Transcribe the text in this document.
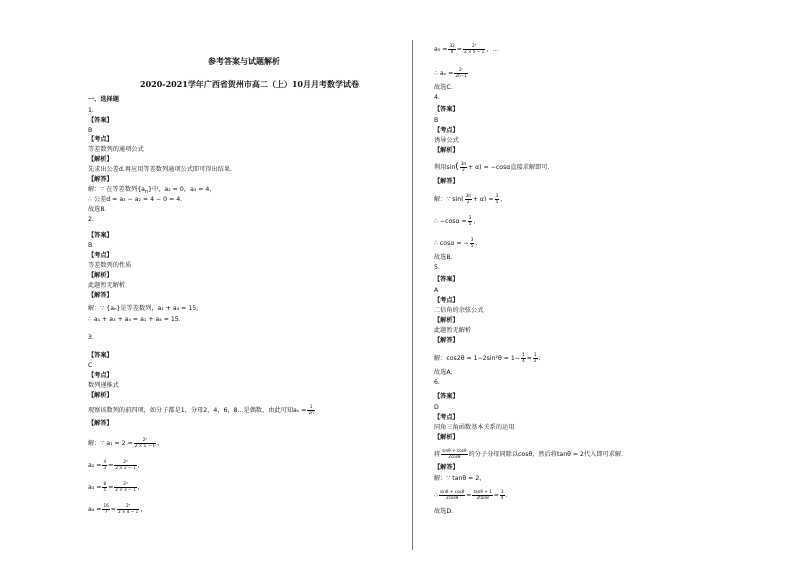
参考答案与试题解析
2020-2021学年广西省贺州市高二（上）10月月考数学试卷
一、选择题
1.
【答案】
B
【考点】
等差数列的通项公式
【解析】
先求出公差d,再应用等差数列通项公式即可得出结果.
【解答】
解：∵ 在等差数列$\{a_n\}$中，a₂ = 0，a₃ = 4，
∴ 公差d = a₃ − a₂ = 4 − 0 = 4.
故选B．
2.
【答案】
B
【考点】
等差数列的性质
【解析】
此题暂无解析
【解答】
解：∵ {aₙ}是等差数列，a₁ + a₄ = 15，
∴ a₁ + a₃ + a₄ = a₁ + a₄ = 15．
3.
【答案】
C
【考点】
数列递推式
【解析】
观察该数列的前四项，如分子都是1，分母2，4，6，8...是偶数，由此可知$a_n = \frac{1}{2n}$
【解答】
解：∵ $a_1 = 2 = \frac{\text{2²}}{2 \times 1 - 1}$ ，
$a_2 = \frac{4}{3} = \frac{\text{2³}}{2 \times 2 - 1}$ ，
$a_3 = \frac{8}{5} = \frac{\text{2⁴}}{2 \times 3 - 1}$ ，
$a_4 = \frac{16}{7} = \frac{\text{2⁵}}{2 \times 4 - 1}$ ，
$a_5 = \frac{32}{9} = \frac{\text{2⁶}}{2 \times 5 - 1}$ ，...
∴ $a_n = \frac{\text{2ⁿ}}{2n-1}$
故选C．
4.
【答案】
B
【考点】
诱导公式
【解析】
利用$\sin( \frac{3\pi}{2} + \alpha) = -\cos\alpha$直接求解即可.
【解答】
解：∵ $\sin( \frac{3\pi}{2} + \alpha) = \frac{3}{5}$ ，
∴ $-\cos\alpha = \frac{3}{5}$ ，
∴ cosα = − $\frac{3}{5}$ .
故选B．
5.
【答案】
A
【考点】
二倍角的余弦公式
【解析】
此题暂无解析
【解答】
解：$\cos 2\theta = 1-2\sin^2\theta = 1- \frac{1}{4} = \frac{1}{2}$ .
故选A．
6.
【答案】
D
【考点】
同角三角函数基本关系的运用
【解析】
将 $\frac{\sin\theta + \cos\theta}{2\cos\theta}$ 的分子分母同除以cosθ，然后将tanθ = 2代入即可求解.
【解答】
解：∵ tanθ = 2，
∴ $\frac{\sin\theta + \cos\theta}{2\cos\theta} = \frac{\tan\theta + 1}{2\tan\theta} = \frac{3}{4}$ .
故选D．
